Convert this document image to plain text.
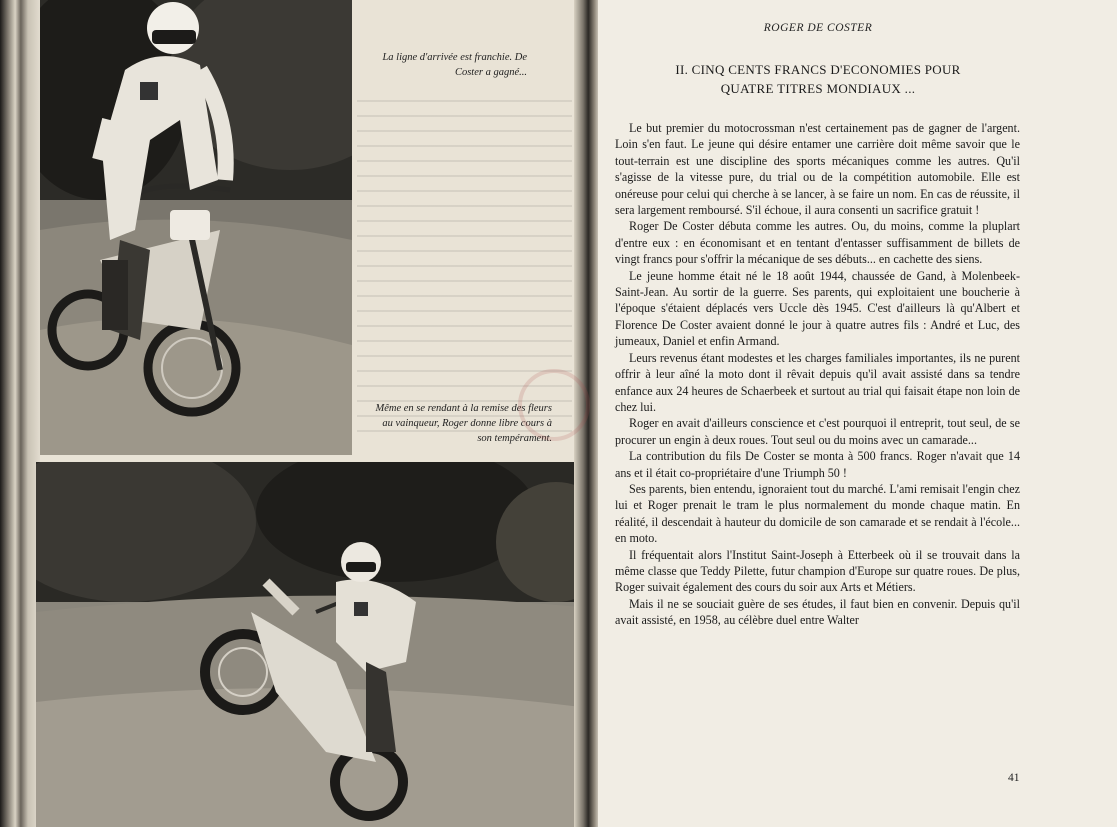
La ligne d'arrivée est franchie. De Coster a gagné...
Même en se rendant à la remise des fleurs au vainqueur, Roger donne libre cours à son tempérament.
ROGER DE COSTER
II. CINQ CENTS FRANCS D'ECONOMIES POUR QUATRE TITRES MONDIAUX ...

Le but premier du motocrossman n'est certainement pas de gagner de l'argent. Loin s'en faut. Le jeune qui désire entamer une carrière doit même savoir que le tout-terrain est une discipline des sports mécaniques comme les autres. Qu'il s'agisse de la vitesse pure, du trial ou de la compétition automobile. Elle est onéreuse pour celui qui cherche à se lancer, à se faire un nom. En cas de réussite, il sera largement remboursé. S'il échoue, il aura consenti un sacrifice gratuit !

Roger De Coster débuta comme les autres. Ou, du moins, comme la pluplart d'entre eux : en économisant et en tentant d'entasser suffisamment de billets de vingt francs pour s'offrir la mécanique de ses débuts... en cachette des siens.

Le jeune homme était né le 18 août 1944, chaussée de Gand, à Molenbeek-Saint-Jean. Au sortir de la guerre. Ses parents, qui exploitaient une boucherie à l'époque s'étaient déplacés vers Uccle dès 1945. C'est d'ailleurs là qu'Albert et Florence De Coster avaient donné le jour à quatre autres fils : André et Luc, des jumeaux, Daniel et enfin Armand.

Leurs revenus étant modestes et les charges familiales importantes, ils ne purent offrir à leur aîné la moto dont il rêvait depuis qu'il avait assisté dans sa tendre enfance aux 24 heures de Schaerbeek et surtout au trial qui faisait étape non loin de chez lui.

Roger en avait d'ailleurs conscience et c'est pourquoi il entreprit, tout seul, de se procurer un engin à deux roues. Tout seul ou du moins avec un camarade...

La contribution du fils De Coster se monta à 500 francs. Roger n'avait que 14 ans et il était co-propriétaire d'une Triumph 50 !

Ses parents, bien entendu, ignoraient tout du marché. L'ami remisait l'engin chez lui et Roger prenait le tram le plus normalement du monde chaque matin. En réalité, il descendait à hauteur du domicile de son camarade et se rendait à l'école... en moto.

Il fréquentait alors l'Institut Saint-Joseph à Etterbeek où il se trouvait dans la même classe que Teddy Pilette, futur champion d'Europe sur quatre roues. De plus, Roger suivait également des cours du soir aux Arts et Métiers.

Mais il ne se souciait guère de ses études, il faut bien en convenir. Depuis qu'il avait assisté, en 1958, au célèbre duel entre Walter

41
